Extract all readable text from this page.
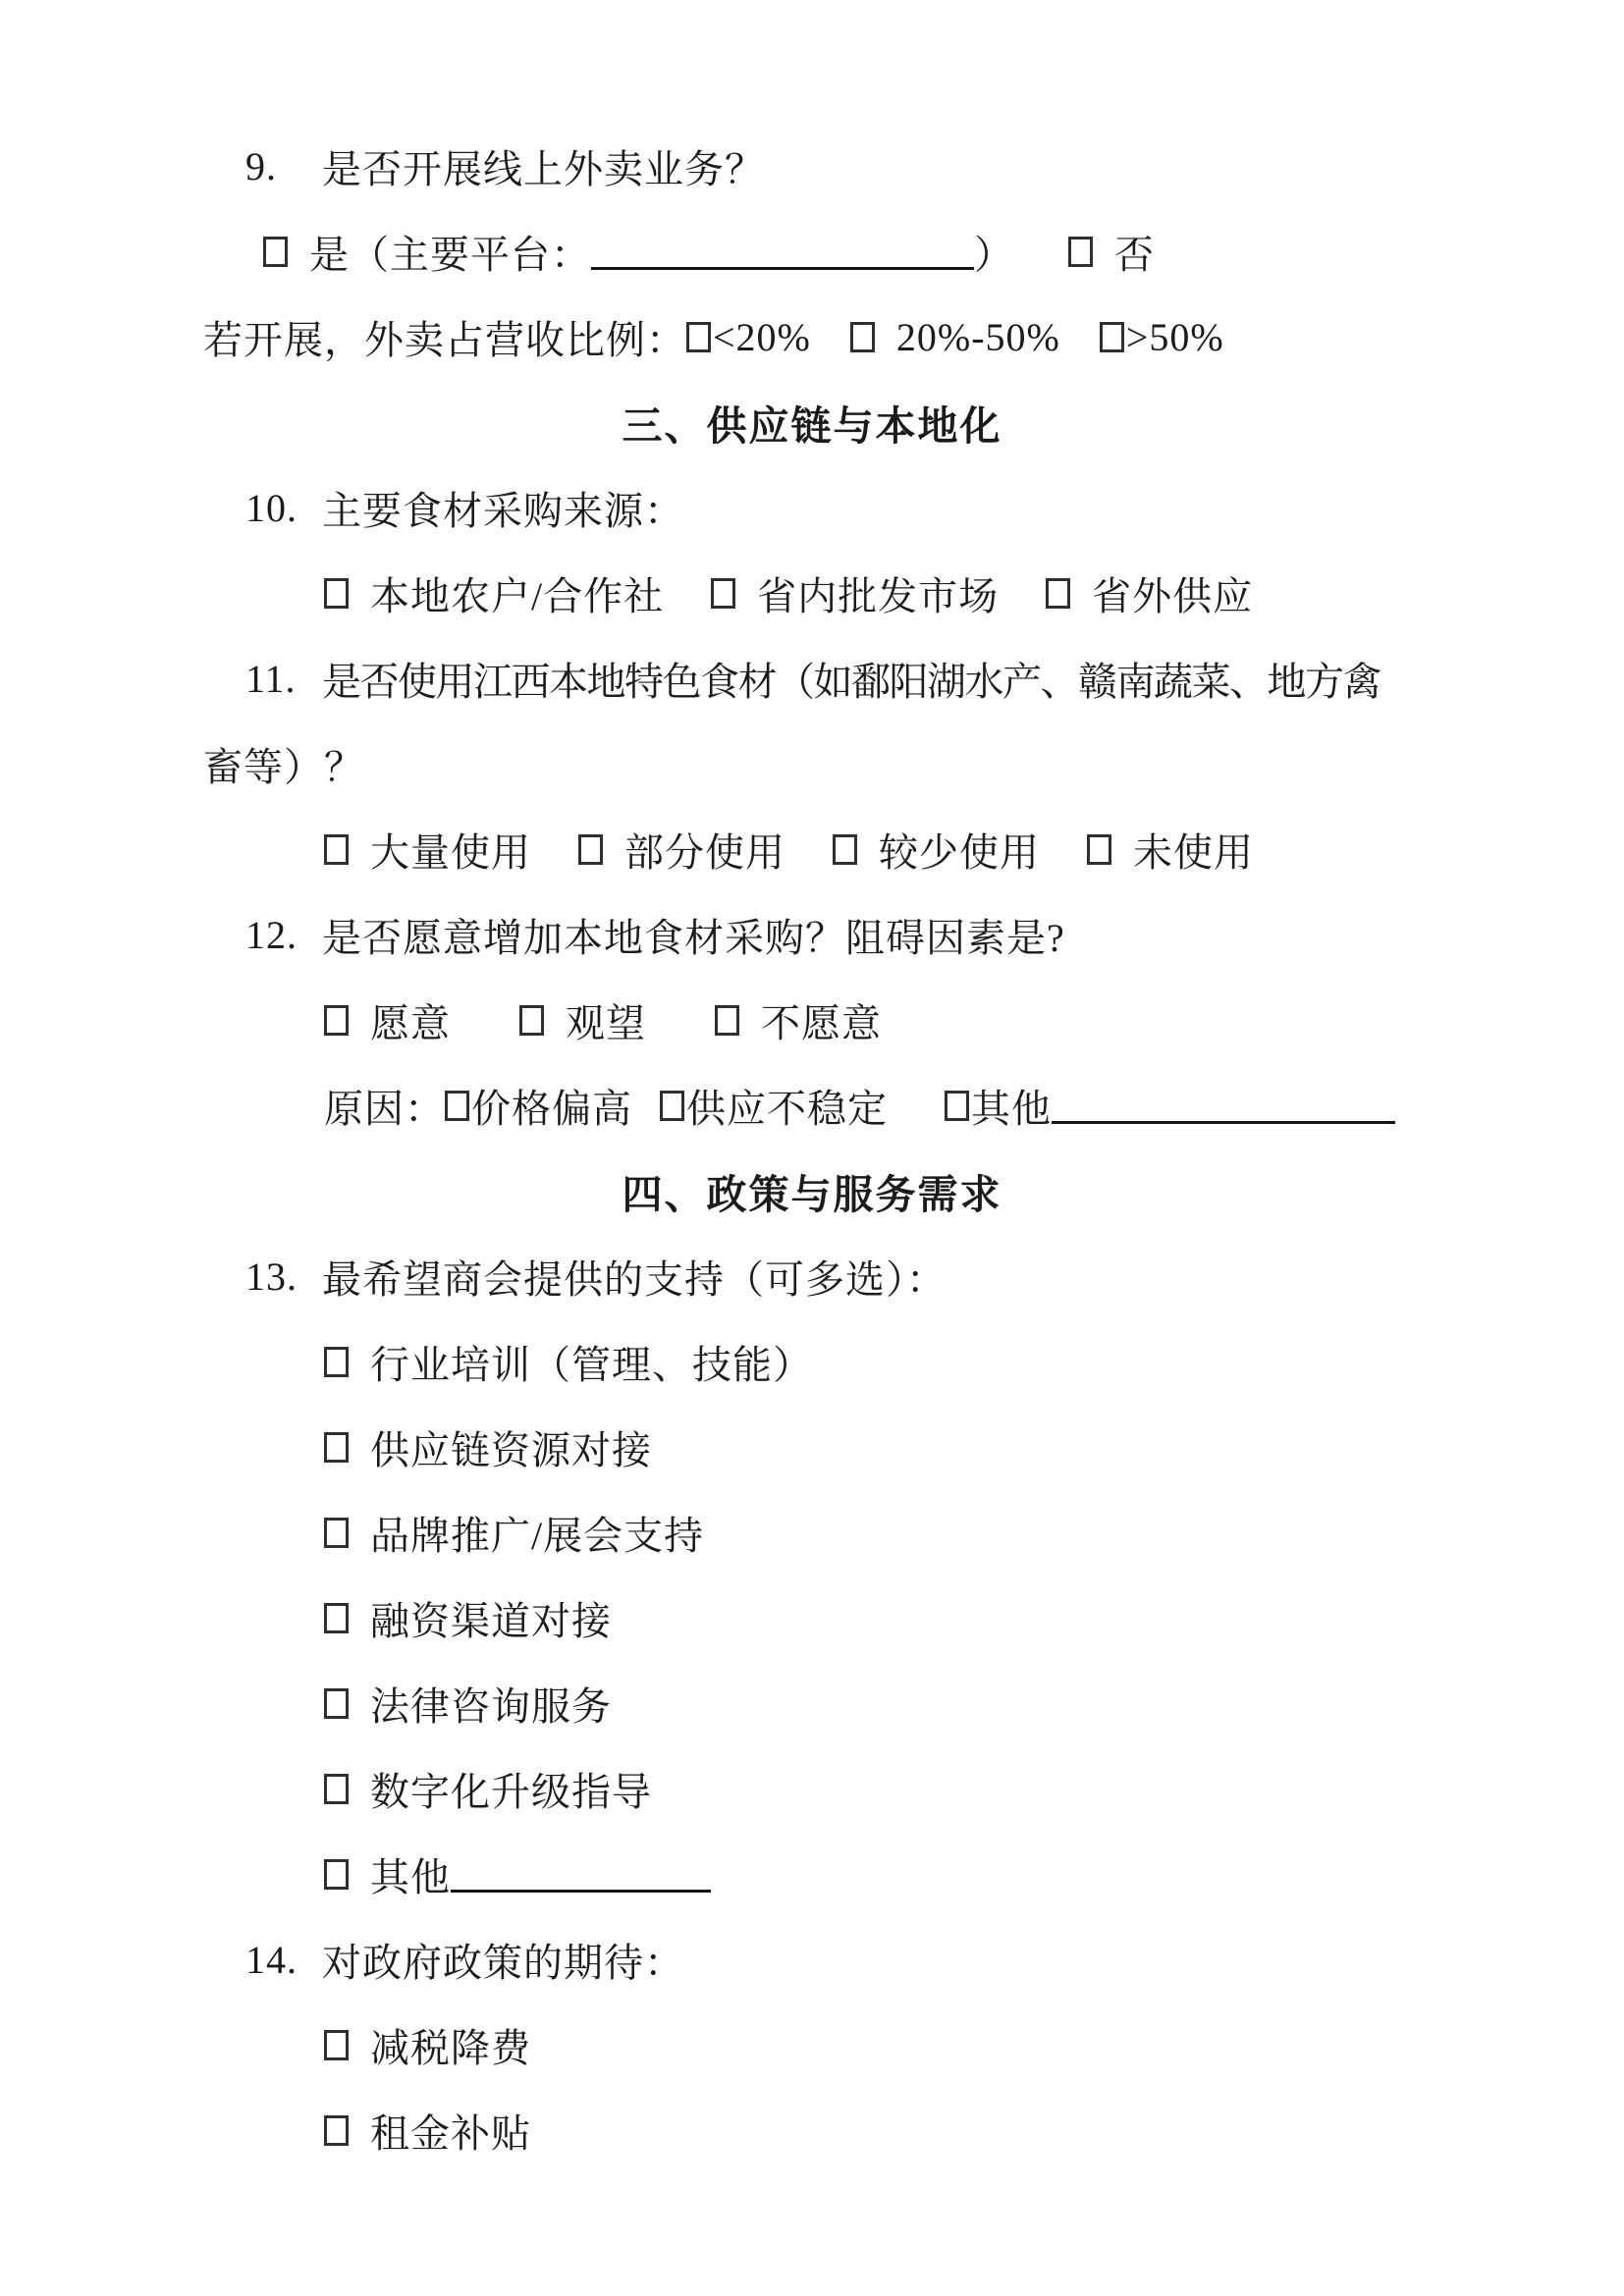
9.	是否开展线上外卖业务？
是（主要平台：	）	否
若开展，外卖占营收比例： <20% 20%-50% >50%
三、供应链与本地化
10. 主要食材采购来源：
本地农户/合作社 省内批发市场 省外供应
11. 是否使用江西本地特色食材（如鄱阳湖水产、赣南蔬菜、地方禽
畜等）？
大量使用 部分使用 较少使用 未使用
12. 是否愿意增加本地食材采购？阻碍因素是?
愿意	观望	不愿意
原因： 价格偏高 供应不稳定 其他
四、政策与服务需求
13. 最希望商会提供的支持（可多选）：
行业培训（管理、技能）
供应链资源对接
品牌推广/展会支持
融资渠道对接
法律咨询服务
数字化升级指导
其他
14. 对政府政策的期待：
减税降费
租金补贴
